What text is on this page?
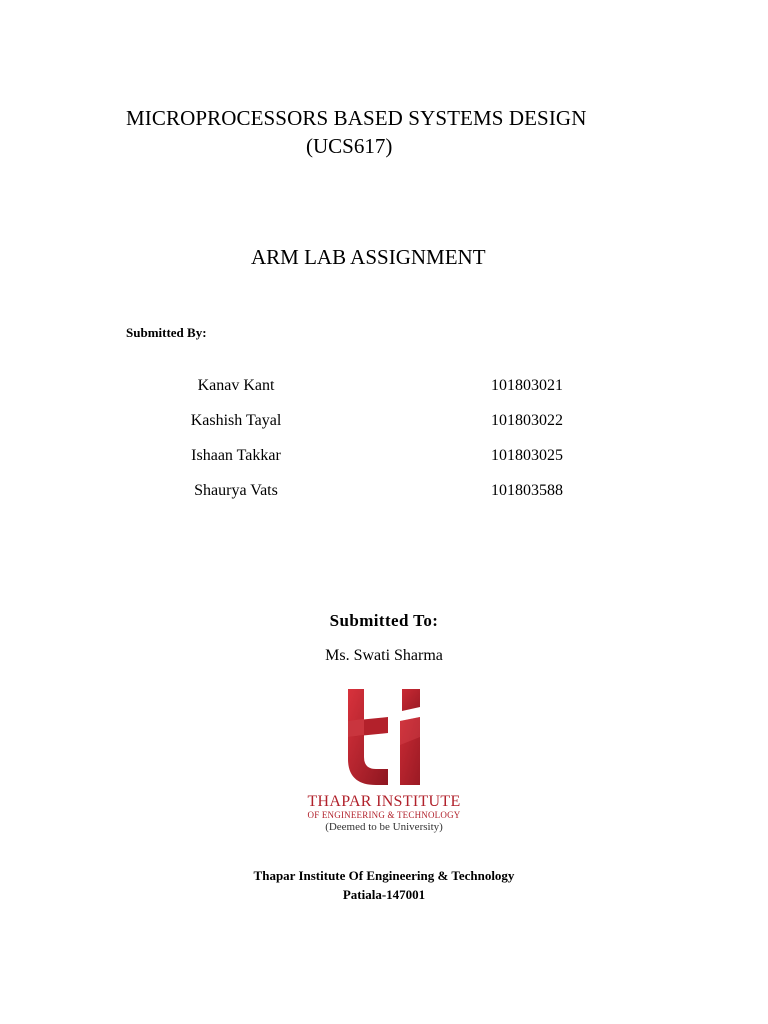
MICROPROCESSORS BASED SYSTEMS DESIGN
(UCS617)
ARM LAB ASSIGNMENT
Submitted By:
Kanav Kant	101803021
Kashish Tayal	101803022
Ishaan Takkar	101803025
Shaurya Vats	101803588
Submitted To:
Ms. Swati Sharma
THAPAR INSTITUTE
OF ENGINEERING & TECHNOLOGY
(Deemed to be University)
Thapar Institute Of Engineering & Technology
Patiala-147001
